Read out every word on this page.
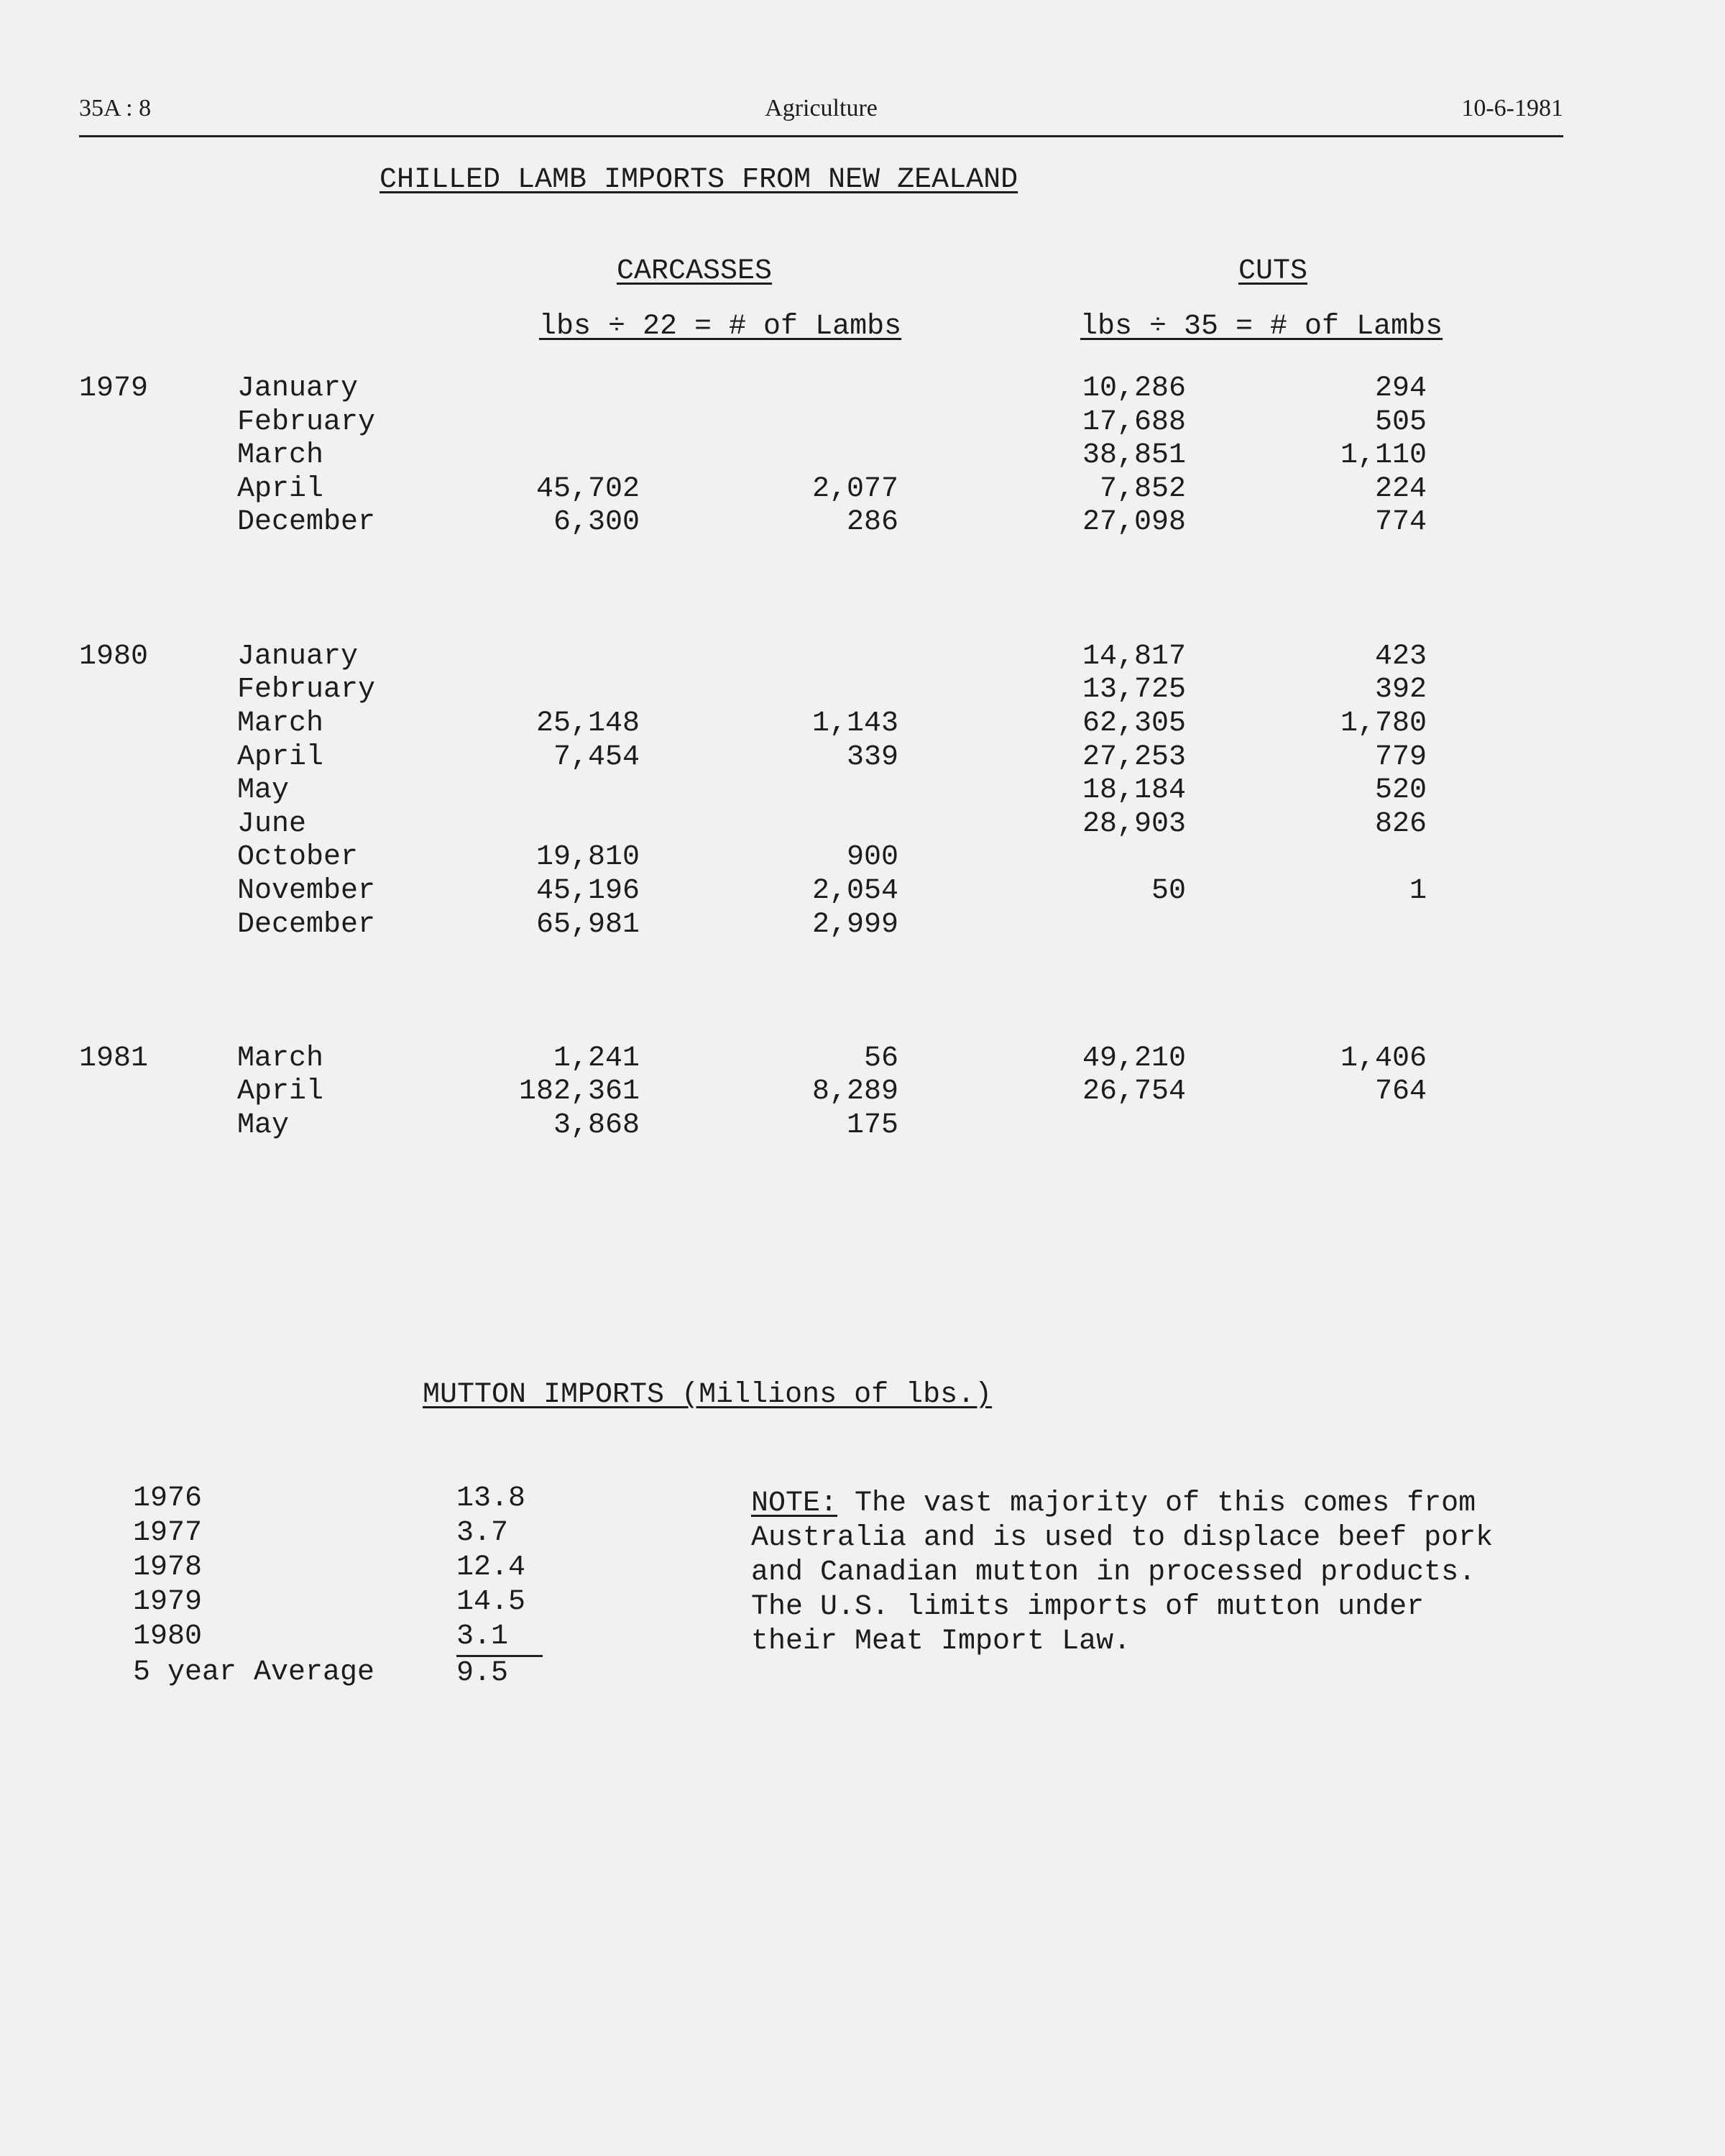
35A : 8	Agriculture	10-6-1981
CHILLED LAMB IMPORTS FROM NEW ZEALAND
CARCASSES	CUTS
lbs ÷ 22 = # of Lambs	lbs ÷ 35 = # of Lambs
1979	January				10,286	294
	February				17,688	505
	March				38,851	1,110
	April	45,702	2,077		7,852	224
	December	6,300	286		27,098	774

1980	January				14,817	423
	February				13,725	392
	March	25,148	1,143		62,305	1,780
	April	7,454	339		27,253	779
	May				18,184	520
	June				28,903	826
	October	19,810	900			
	November	45,196	2,054		50	1
	December	65,981	2,999			

1981	March	1,241	56		49,210	1,406
	April	182,361	8,289		26,754	764
	May	3,868	175			
MUTTON IMPORTS (Millions of lbs.)
1976	13.8
1977	3.7
1978	12.4
1979	14.5
1980	3.1
5 year Average	9.5
NOTE: The vast majority of this comes from Australia and is used to displace beef pork and Canadian mutton in processed products. The U.S. limits imports of mutton under their Meat Import Law.
